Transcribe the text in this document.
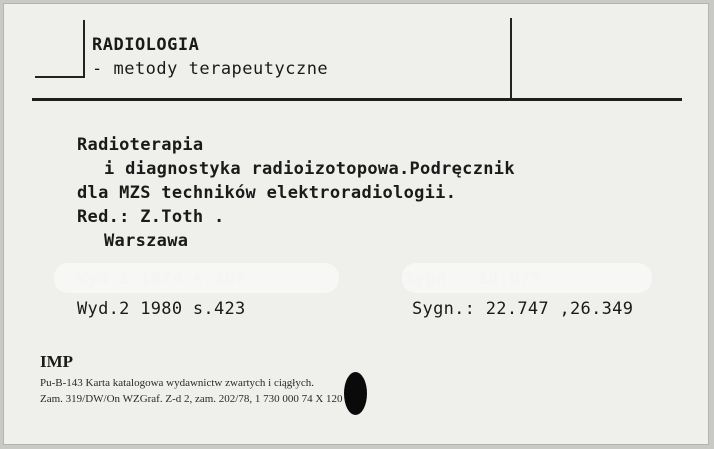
RADIOLOGIA
- metody terapeutyczne
Radioterapia
i diagnostyka radioizotopowa.Podręcznik
dla MZS techników elektroradiologii.
Red.: Z.Toth .
Warszawa
Wyd.2 1980 s.423	Sygn.: 22.747 ,26.349
IMP
Pu-B-143 Karta katalogowa wydawnictw zwartych i ciągłych.
Zam. 319/DW/On WZGraf. Z-d 2, zam. 202/78, 1 730 000 74 X 120
